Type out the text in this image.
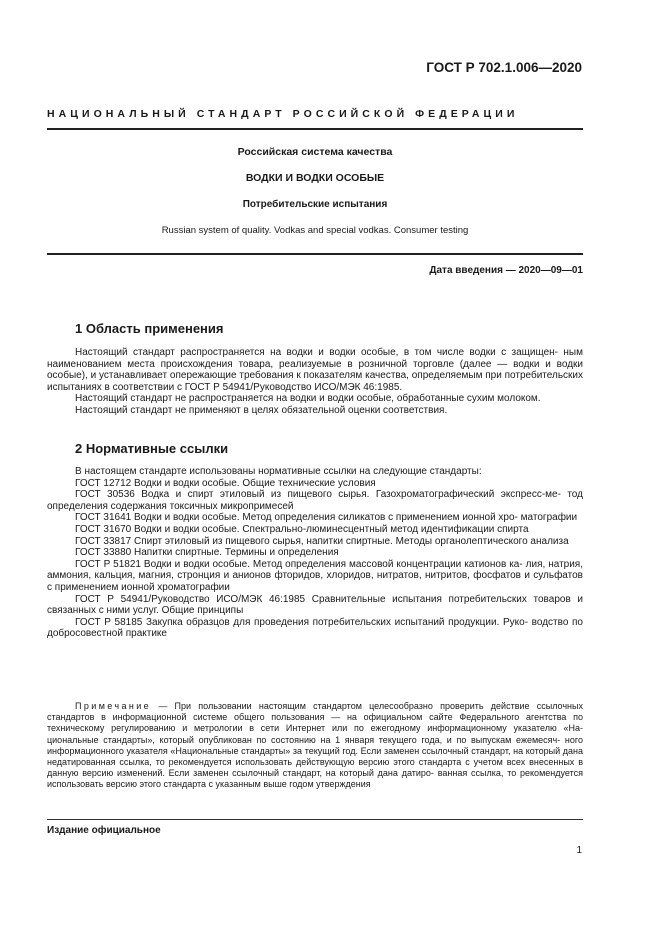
ГОСТ Р 702.1.006—2020
НАЦИОНАЛЬНЫЙ СТАНДАРТ РОССИЙСКОЙ ФЕДЕРАЦИИ
Российская система качества
ВОДКИ И ВОДКИ ОСОБЫЕ
Потребительские испытания
Russian system of quality. Vodkas and special vodkas. Consumer testing
Дата введения — 2020—09—01
1 Область применения

Настоящий стандарт распространяется на водки и водки особые, в том числе водки с защищен- ным наименованием места происхождения товара, реализуемые в розничной торговле (далее — водки и водки особые), и устанавливает опережающие требования к показателям качества, определяемым при потребительских испытаниях в соответствии с ГОСТ Р 54941/Руководство ИСО/МЭК 46:1985.

Настоящий стандарт не распространяется на водки и водки особые, обработанные сухим молоком.

Настоящий стандарт не применяют в целях обязательной оценки соответствия.

2 Нормативные ссылки

В настоящем стандарте использованы нормативные ссылки на следующие стандарты:

ГОСТ 12712 Водки и водки особые. Общие технические условия

ГОСТ 30536 Водка и спирт этиловый из пищевого сырья. Газохроматографический экспресс-ме- тод определения содержания токсичных микропримесей

ГОСТ 31641 Водки и водки особые. Метод определения силикатов с применением ионной хро- матографии

ГОСТ 31670 Водки и водки особые. Спектрально-люминесцентный метод идентификации спирта

ГОСТ 33817 Спирт этиловый из пищевого сырья, напитки спиртные. Методы органолептического анализа

ГОСТ 33880 Напитки спиртные. Термины и определения

ГОСТ Р 51821 Водки и водки особые. Метод определения массовой концентрации катионов ка- лия, натрия, аммония, кальция, магния, стронция и анионов фторидов, хлоридов, нитратов, нитритов, фосфатов и сульфатов с применением ионной хроматографии

ГОСТ Р 54941/Руководство ИСО/МЭК 46:1985 Сравнительные испытания потребительских товаров и связанных с ними услуг. Общие принципы

ГОСТ Р 58185 Закупка образцов для проведения потребительских испытаний продукции. Руко- водство по добросовестной практике

Примечание — При пользовании настоящим стандартом целесообразно проверить действие ссылочных стандартов в информационной системе общего пользования — на официальном сайте Федерального агентства по техническому регулированию и метрологии в сети Интернет или по ежегодному информационному указателю «На- циональные стандарты», который опубликован по состоянию на 1 января текущего года, и по выпускам ежемесяч- ного информационного указателя «Национальные стандарты» за текущий год. Если заменен ссылочный стандарт, на который дана недатированная ссылка, то рекомендуется использовать действующую версию этого стандарта с учетом всех внесенных в данную версию изменений. Если заменен ссылочный стандарт, на который дана датиро- ванная ссылка, то рекомендуется использовать версию этого стандарта с указанным выше годом утверждения

Издание официальное
1
